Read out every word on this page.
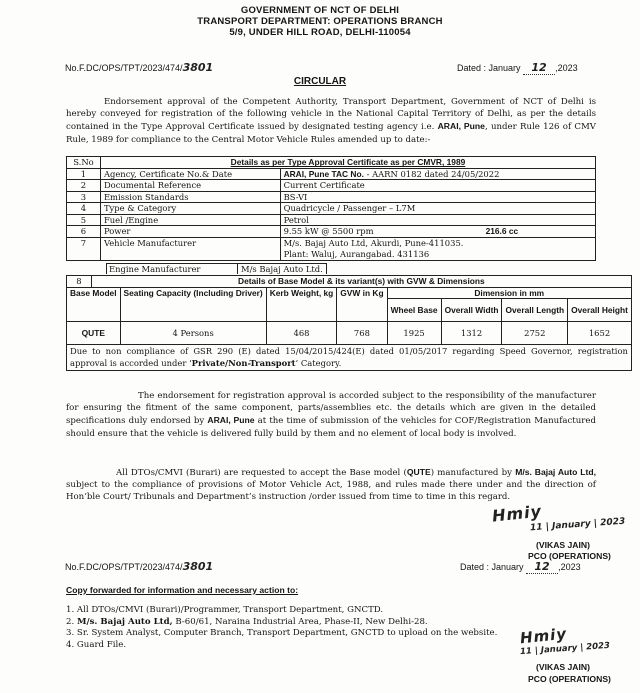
GOVERNMENT OF NCT OF DELHI
TRANSPORT DEPARTMENT: OPERATIONS BRANCH
5/9, UNDER HILL ROAD, DELHI-110054
No.F.DC/OPS/TPT/2023/474/3801	Dated : January 12 ,2023
CIRCULAR
Endorsement approval of the Competent Authority, Transport Department, Government of NCT of Delhi is hereby conveyed for registration of the following vehicle in the National Capital Territory of Delhi, as per the details contained in the Type Approval Certificate issued by designated testing agency i.e. ARAI, Pune, under Rule 126 of CMV Rule, 1989 for compliance to the Central Motor Vehicle Rules amended up to date:-
S.No	Details as per Type Approval Certificate as per CMVR, 1989	
1	Agency, Certificate No.& Date	ARAI, Pune TAC No. - AARN 0182 dated 24/05/2022
2	Documental Reference	Current Certificate
3	Emission Standards	BS-VI
4	Type & Category	Quadricycle / Passenger – L7M
5	Fuel /Engine	Petrol
6	Power	9.55 kW @ 5500 rpm 216.6 cc
7	Vehicle Manufacturer	M/s. Bajaj Auto Ltd, Akurdi, Pune-411035.
Plant: Waluj, Aurangabad. 431136
Engine Manufacturer	M/s Bajaj Auto Ltd.
8	Details of Base Model & its variant(s) with GVW & Dimensions							
Base Model		Seating Capacity (Including Driver)	Kerb Weight, kg	GVW in Kg	Dimension in mm			
					Wheel Base	Overall Width	Overall Length	Overall Height
QUTE		4 Persons	468	768	1925	1312	2752	1652
Due to non compliance of GSR 290 (E) dated 15/04/2015/424(E) dated 01/05/2017 regarding Speed Governor, registration approval is accorded under ‘Private/Non-Transport’ Category.								
The endorsement for registration approval is accorded subject to the responsibility of the manufacturer for ensuring the fitment of the same component, parts/assemblies etc. the details which are given in the detailed specifications duly endorsed by ARAI, Pune at the time of submission of the vehicles for COF/Registration Manufactured should ensure that the vehicle is delivered fully build by them and no element of local body is involved.
All DTOs/CMVI (Burari) are requested to accept the Base model (QUTE) manufactured by M/s. Bajaj Auto Ltd, subject to the compliance of provisions of Motor Vehicle Act, 1988, and rules made there under and the direction of Hon’ble Court/ Tribunals and Department’s instruction /order issued from time to time in this regard.
Hmiy
11 | January | 2023
(VIKAS JAIN)
PCO (OPERATIONS)
No.F.DC/OPS/TPT/2023/474/3801	Dated : January 12 ,2023
Copy forwarded for information and necessary action to:
1. All DTOs/CMVI (Burari)/Programmer, Transport Department, GNCTD.
2. M/s. Bajaj Auto Ltd, B-60/61, Naraina Industrial Area, Phase-II, New Delhi-28.
3. Sr. System Analyst, Computer Branch, Transport Department, GNCTD to upload on the website.
4. Guard File.	Hmiy
11 | January | 2023
(VIKAS JAIN)
PCO (OPERATIONS)
